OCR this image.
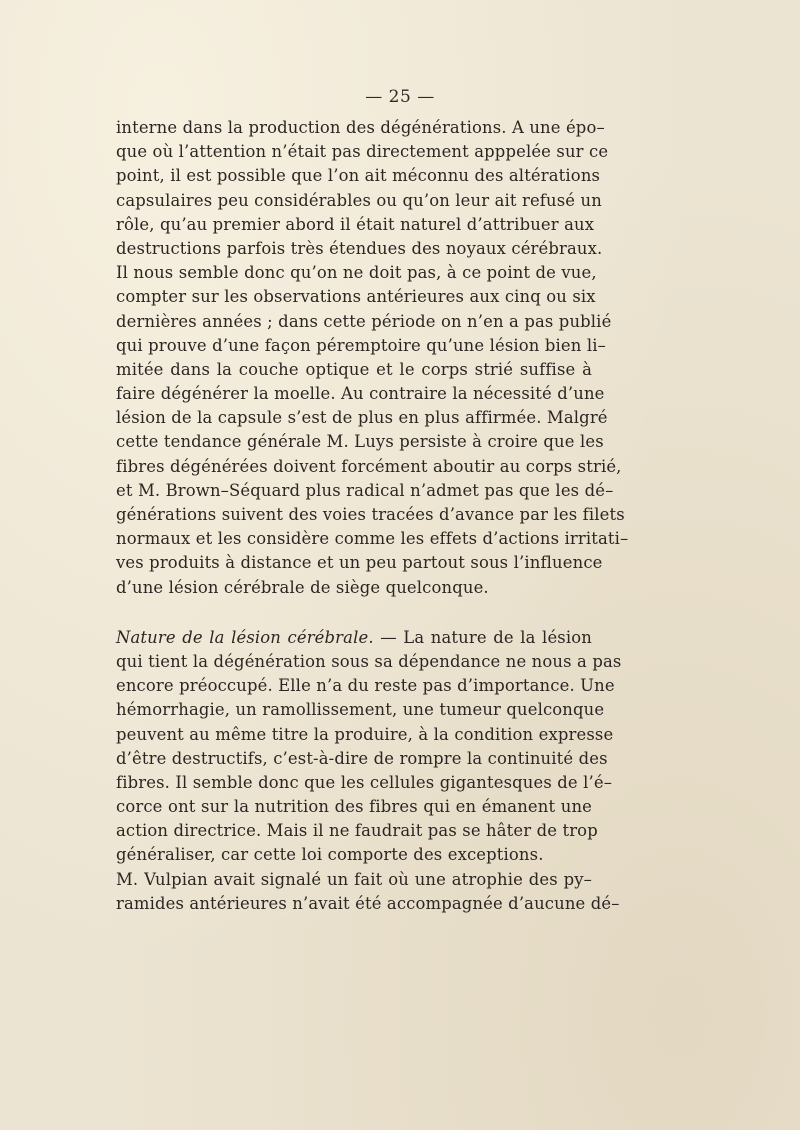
— 25 —
interne dans la production des dégénérations. A une épo–
que où l’attention n’était pas directement apppelée sur ce
point, il est possible que l’on ait méconnu des altérations
capsulaires peu considérables ou qu’on leur ait refusé un
rôle, qu’au premier abord il était naturel d’attribuer aux
destructions parfois très étendues des noyaux cérébraux.
Il nous semble donc qu’on ne doit pas, à ce point de vue,
compter sur les observations antérieures aux cinq ou six
dernières années ; dans cette période on n’en a pas publié
qui prouve d’une façon péremptoire qu’une lésion bien li–
mitée dans la couche optique et le corps strié suffise à
faire dégénérer la moelle. Au contraire la nécessité d’une
lésion de la capsule s’est de plus en plus affirmée. Malgré
cette tendance générale M. Luys persiste à croire que les
fibres dégénérées doivent forcément aboutir au corps strié,
et M. Brown–Séquard plus radical n’admet pas que les dé–
générations suivent des voies tracées d’avance par les filets
normaux et les considère comme les effets d’actions irritati–
ves produits à distance et un peu partout sous l’influence
d’une lésion cérébrale de siège quelconque.
Nature de la lésion cérébrale. — La nature de la lésion
qui tient la dégénération sous sa dépendance ne nous a pas
encore préoccupé. Elle n’a du reste pas d’importance. Une
hémorrhagie, un ramollissement, une tumeur quelconque
peuvent au même titre la produire, à la condition expresse
d’être destructifs, c’est-à-dire de rompre la continuité des
fibres. Il semble donc que les cellules gigantesques de l’é–
corce ont sur la nutrition des fibres qui en émanent une
action directrice. Mais il ne faudrait pas se hâter de trop
généraliser, car cette loi comporte des exceptions.
M. Vulpian avait signalé un fait où une atrophie des py–
ramides antérieures n’avait été accompagnée d’aucune dé–
